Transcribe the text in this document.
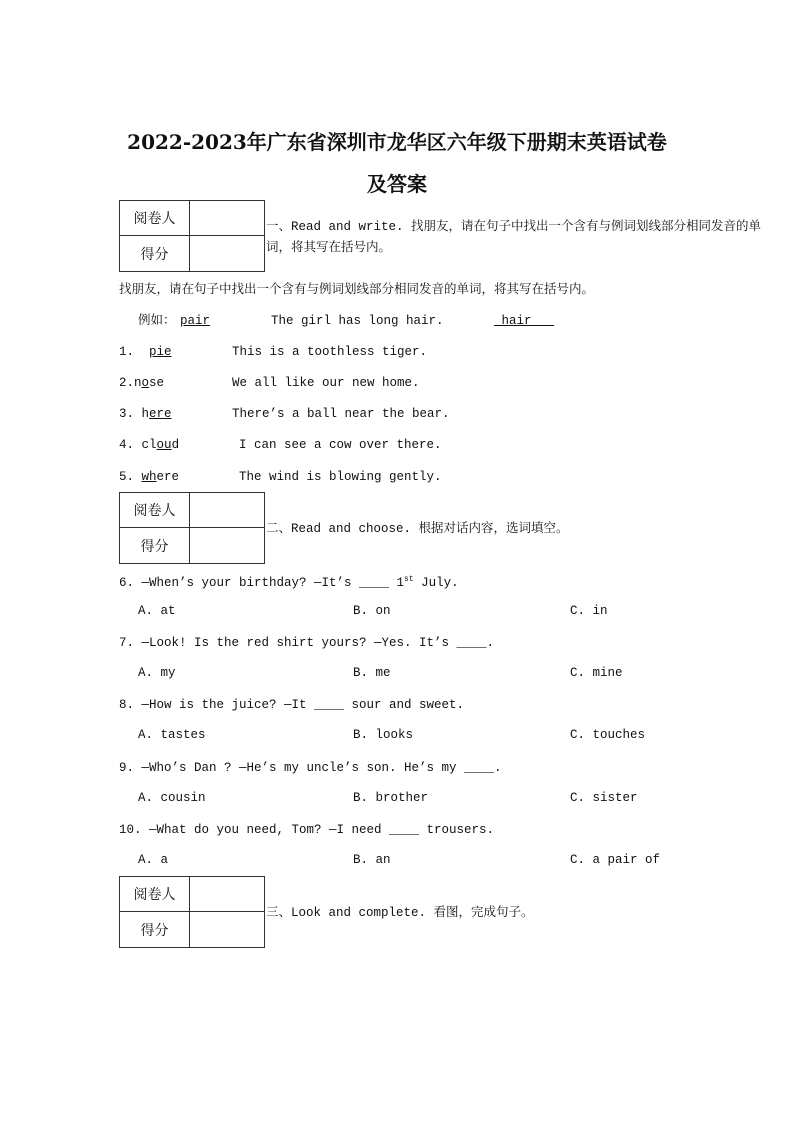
2022-2023年广东省深圳市龙华区六年级下册期末英语试卷
及答案
阅卷人
得分
一、Read and write. 找朋友，请在句子中找出一个含有与例词划线部分相同发音的单
词，将其写在括号内。
找朋友，请在句子中找出一个含有与例词划线部分相同发音的单词，将其写在括号内。
例如： pair	The girl has long hair.	hair
1. pie	This is a toothless tiger.
2.nose	We all like our new home.
3. here	There’s a ball near the bear.
4. cloud	I can see a cow over there.
5. where	The wind is blowing gently.
阅卷人
得分
二、Read and choose. 根据对话内容，选词填空。
6. —When’s your birthday? —It’s ____ 1st July.
A. at	B. on	C. in
7. —Look! Is the red shirt yours? —Yes. It’s ____.
A. my	B. me	C. mine
8. —How is the juice? —It ____ sour and sweet.
A. tastes	B. looks	C. touches
9. —Who’s Dan ? —He’s my uncle’s son. He’s my ____.
A. cousin	B. brother	C. sister
10. —What do you need, Tom? —I need ____ trousers.
A. a	B. an	C. a pair of
阅卷人
得分
三、Look and complete. 看图，完成句子。
